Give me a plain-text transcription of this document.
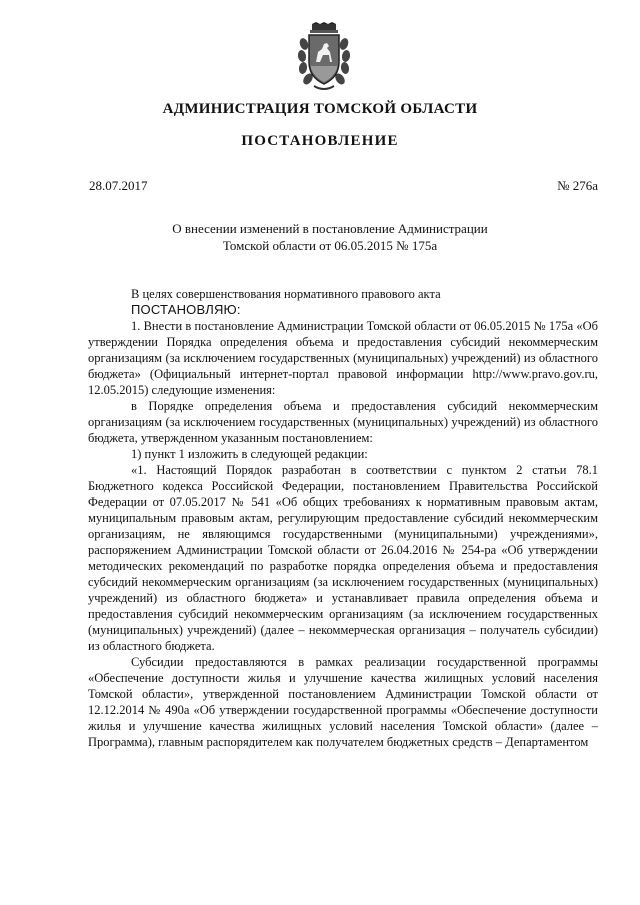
АДМИНИСТРАЦИЯ ТОМСКОЙ ОБЛАСТИ
ПОСТАНОВЛЕНИЕ
28.07.2017	№ 276а
О внесении изменений в постановление Администрации
Томской области от 06.05.2015 № 175а

В целях совершенствования нормативного правового акта

ПОСТАНОВЛЯЮ:

1. Внести в постановление Администрации Томской области от 06.05.2015 № 175а «Об утверждении Порядка определения объема и предоставления субсидий некоммерческим организациям (за исключением государственных (муниципальных) учреждений) из областного бюджета» (Официальный интернет-портал правовой информации http://www.pravo.gov.ru, 12.05.2015) следующие изменения:

в Порядке определения объема и предоставления субсидий некоммерческим организациям (за исключением государственных (муниципальных) учреждений) из областного бюджета, утвержденном указанным постановлением:

1) пункт 1 изложить в следующей редакции:

«1. Настоящий Порядок разработан в соответствии с пунктом 2 статьи 78.1 Бюджетного кодекса Российской Федерации, постановлением Правительства Российской Федерации от 07.05.2017 № 541 «Об общих требованиях к нормативным правовым актам, муниципальным правовым актам, регулирующим предоставление субсидий некоммерческим организациям, не являющимся государственными (муниципальными) учреждениями», распоряжением Администрации Томской области от 26.04.2016 № 254-ра «Об утверждении методических рекомендаций по разработке порядка определения объема и предоставления субсидий некоммерческим организациям (за исключением государственных (муниципальных) учреждений) из областного бюджета» и устанавливает правила определения объема и предоставления субсидий некоммерческим организациям (за исключением государственных (муниципальных) учреждений) (далее – некоммерческая организация – получатель субсидии) из областного бюджета.

Субсидии предоставляются в рамках реализации государственной программы «Обеспечение доступности жилья и улучшение качества жилищных условий населения Томской области», утвержденной постановлением Администрации Томской области от 12.12.2014 № 490а «Об утверждении государственной программы «Обеспечение доступности жилья и улучшение качества жилищных условий населения Томской области» (далее – Программа), главным распорядителем как получателем бюджетных средств – Департаментом
